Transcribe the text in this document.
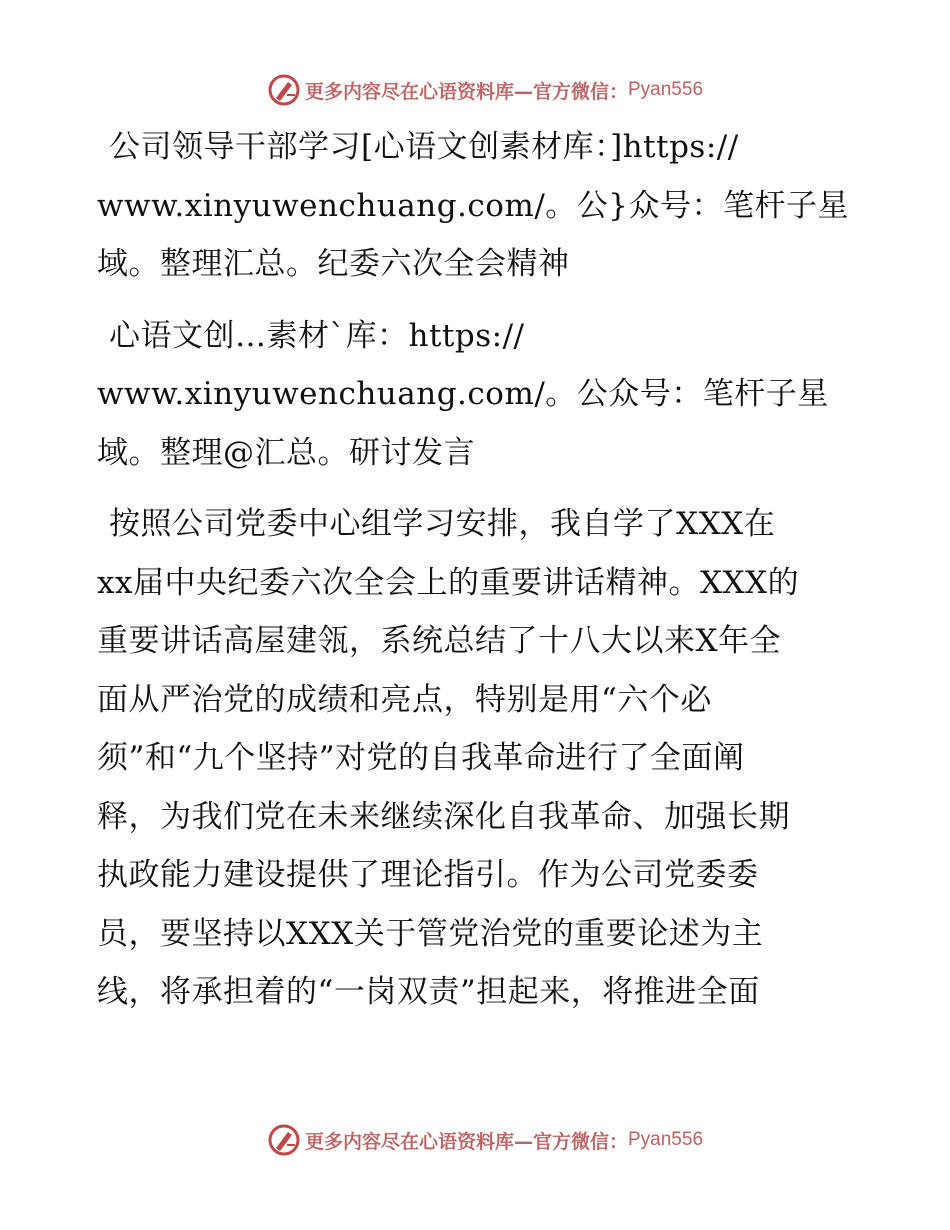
更多内容尽在心语资料库—官方微信： Pyan556

公司领导干部学习[心语文创素材库：]https://
www.xinyuwenchuang.com/。公}众号：笔杆子星
域。整理汇总。纪委六次全会精神

心语文创…素材`库：https://
www.xinyuwenchuang.com/。公众号：笔杆子星
域。整理@汇总。研讨发言

按照公司党委中心组学习安排，我自学了XXX在
xx届中央纪委六次全会上的重要讲话精神。XXX的
重要讲话高屋建瓴，系统总结了十八大以来X年全
面从严治党的成绩和亮点，特别是用“六个必
须”和“九个坚持”对党的自我革命进行了全面阐
释，为我们党在未来继续深化自我革命、加强长期
执政能力建设提供了理论指引。作为公司党委委
员，要坚持以XXX关于管党治党的重要论述为主
线，将承担着的“一岗双责”担起来，将推进全面

更多内容尽在心语资料库—官方微信： Pyan556
